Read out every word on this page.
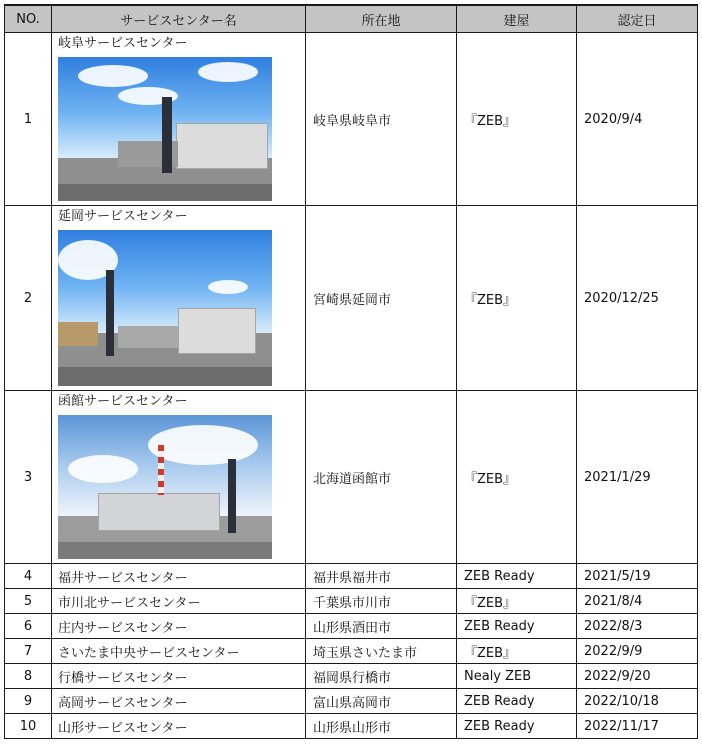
NO.	サービスセンター名	所在地	建屋	認定日
1	岐阜サービスセンター	岐阜県岐阜市	『ZEB』	2020/9/4
2	延岡サービスセンター	宮崎県延岡市	『ZEB』	2020/12/25
3	函館サービスセンター	北海道函館市	『ZEB』	2021/1/29
4	福井サービスセンター	福井県福井市	ZEB Ready	2021/5/19
5	市川北サービスセンター	千葉県市川市	『ZEB』	2021/8/4
6	庄内サービスセンター	山形県酒田市	ZEB Ready	2022/8/3
7	さいたま中央サービスセンター	埼玉県さいたま市	『ZEB』	2022/9/9
8	行橋サービスセンター	福岡県行橋市	Nealy ZEB	2022/9/20
9	高岡サービスセンター	富山県高岡市	ZEB Ready	2022/10/18
10	山形サービスセンター	山形県山形市	ZEB Ready	2022/11/17
